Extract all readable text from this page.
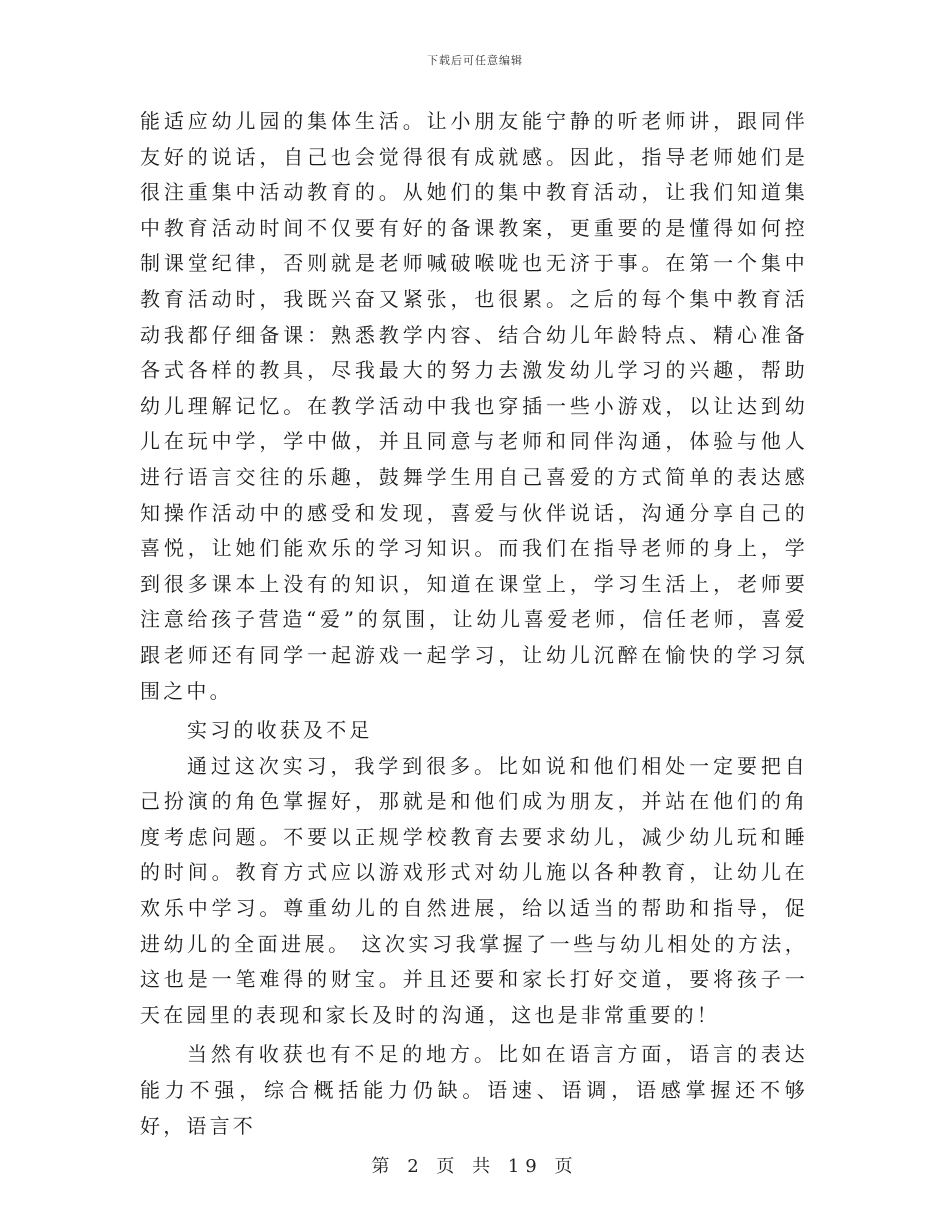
下载后可任意编辑

能适应幼儿园的集体生活。让小朋友能宁静的听老师讲，跟同伴友好的说话，自己也会觉得很有成就感。因此，指导老师她们是很注重集中活动教育的。从她们的集中教育活动，让我们知道集中教育活动时间不仅要有好的备课教案，更重要的是懂得如何控制课堂纪律，否则就是老师喊破喉咙也无济于事。在第一个集中教育活动时，我既兴奋又紧张，也很累。之后的每个集中教育活动我都仔细备课：熟悉教学内容、结合幼儿年龄特点、精心准备各式各样的教具，尽我最大的努力去激发幼儿学习的兴趣，帮助幼儿理解记忆。在教学活动中我也穿插一些小游戏，以让达到幼儿在玩中学，学中做，并且同意与老师和同伴沟通，体验与他人进行语言交往的乐趣，鼓舞学生用自己喜爱的方式简单的表达感知操作活动中的感受和发现，喜爱与伙伴说话，沟通分享自己的喜悦，让她们能欢乐的学习知识。而我们在指导老师的身上，学到很多课本上没有的知识，知道在课堂上，学习生活上，老师要注意给孩子营造“爱”的氛围，让幼儿喜爱老师，信任老师，喜爱跟老师还有同学一起游戏一起学习，让幼儿沉醉在愉快的学习氛围之中。

实习的收获及不足

通过这次实习，我学到很多。比如说和他们相处一定要把自己扮演的角色掌握好，那就是和他们成为朋友，并站在他们的角度考虑问题。不要以正规学校教育去要求幼儿，减少幼儿玩和睡的时间。教育方式应以游戏形式对幼儿施以各种教育，让幼儿在欢乐中学习。尊重幼儿的自然进展，给以适当的帮助和指导，促进幼儿的全面进展。 这次实习我掌握了一些与幼儿相处的方法，这也是一笔难得的财宝。并且还要和家长打好交道，要将孩子一天在园里的表现和家长及时的沟通，这也是非常重要的！

当然有收获也有不足的地方。比如在语言方面，语言的表达能力不强，综合概括能力仍缺。语速、语调，语感掌握还不够好，语言不

第 2 页 共 19 页
